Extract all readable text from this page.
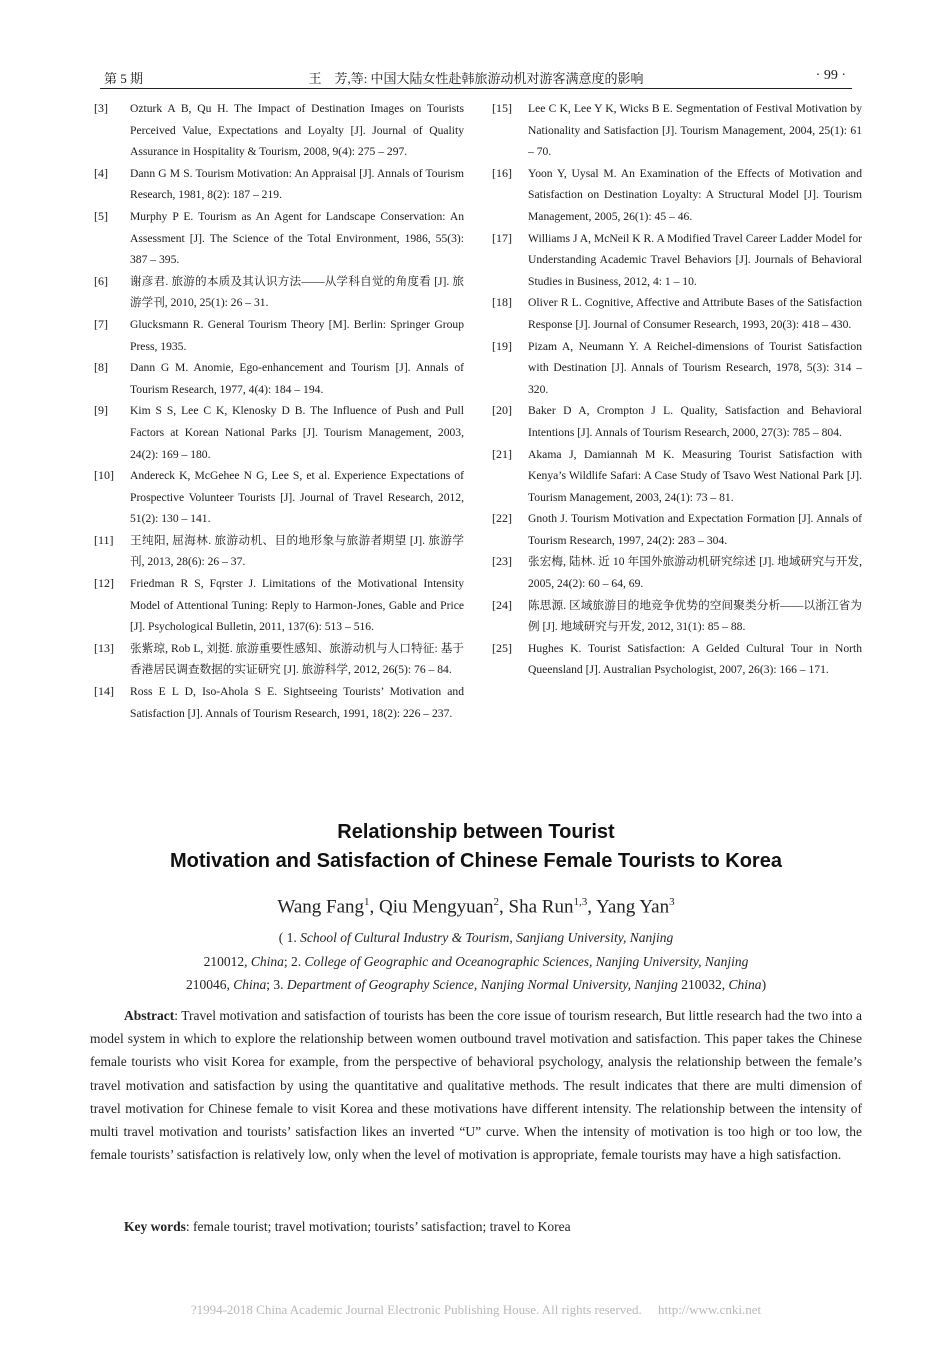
第 5 期	王　芳,等: 中国大陆女性赴韩旅游动机对游客满意度的影响	· 99 ·
[3] Ozturk A B, Qu H. The Impact of Destination Images on Tourists Perceived Value, Expectations and Loyalty [J]. Journal of Quality Assurance in Hospitality & Tourism, 2008, 9(4): 275 – 297.
[4] Dann G M S. Tourism Motivation: An Appraisal [J]. Annals of Tourism Research, 1981, 8(2): 187 – 219.
[5] Murphy P E. Tourism as An Agent for Landscape Conservation: An Assessment [J]. The Science of the Total Environment, 1986, 55(3): 387 – 395.
[6] 谢彦君. 旅游的本质及其认识方法——从学科自觉的角度看 [J]. 旅游学刊, 2010, 25(1): 26 – 31.
[7] Glucksmann R. General Tourism Theory [M]. Berlin: Springer Group Press, 1935.
[8] Dann G M. Anomie, Ego-enhancement and Tourism [J]. Annals of Tourism Research, 1977, 4(4): 184 – 194.
[9] Kim S S, Lee C K, Klenosky D B. The Influence of Push and Pull Factors at Korean National Parks [J]. Tourism Management, 2003, 24(2): 169 – 180.
[10] Andereck K, McGehee N G, Lee S, et al. Experience Expectations of Prospective Volunteer Tourists [J]. Journal of Travel Research, 2012, 51(2): 130 – 141.
[11] 王纯阳, 屈海林. 旅游动机、目的地形象与旅游者期望 [J]. 旅游学刊, 2013, 28(6): 26 – 37.
[12] Friedman R S, Fqrster J. Limitations of the Motivational Intensity Model of Attentional Tuning: Reply to Harmon-Jones, Gable and Price [J]. Psychological Bulletin, 2011, 137(6): 513 – 516.
[13] 张紫琼, Rob L, 刘挺. 旅游重要性感知、旅游动机与人口特征: 基于香港居民调查数据的实证研究 [J]. 旅游科学, 2012, 26(5): 76 – 84.
[14] Ross E L D, Iso-Ahola S E. Sightseeing Tourists’ Motivation and Satisfaction [J]. Annals of Tourism Research, 1991, 18(2): 226 – 237.
[15] Lee C K, Lee Y K, Wicks B E. Segmentation of Festival Motivation by Nationality and Satisfaction [J]. Tourism Management, 2004, 25(1): 61 – 70.
[16] Yoon Y, Uysal M. An Examination of the Effects of Motivation and Satisfaction on Destination Loyalty: A Structural Model [J]. Tourism Management, 2005, 26(1): 45 – 46.
[17] Williams J A, McNeil K R. A Modified Travel Career Ladder Model for Understanding Academic Travel Behaviors [J]. Journals of Behavioral Studies in Business, 2012, 4: 1 – 10.
[18] Oliver R L. Cognitive, Affective and Attribute Bases of the Satisfaction Response [J]. Journal of Consumer Research, 1993, 20(3): 418 – 430.
[19] Pizam A, Neumann Y. A Reichel-dimensions of Tourist Satisfaction with Destination [J]. Annals of Tourism Research, 1978, 5(3): 314 – 320.
[20] Baker D A, Crompton J L. Quality, Satisfaction and Behavioral Intentions [J]. Annals of Tourism Research, 2000, 27(3): 785 – 804.
[21] Akama J, Damiannah M K. Measuring Tourist Satisfaction with Kenya’s Wildlife Safari: A Case Study of Tsavo West National Park [J]. Tourism Management, 2003, 24(1): 73 – 81.
[22] Gnoth J. Tourism Motivation and Expectation Formation [J]. Annals of Tourism Research, 1997, 24(2): 283 – 304.
[23] 张宏梅, 陆林. 近 10 年国外旅游动机研究综述 [J]. 地域研究与开发, 2005, 24(2): 60 – 64, 69.
[24] 陈思源. 区域旅游目的地竞争优势的空间聚类分析——以浙江省为例 [J]. 地域研究与开发, 2012, 31(1): 85 – 88.
[25] Hughes K. Tourist Satisfaction: A Gelded Cultural Tour in North Queensland [J]. Australian Psychologist, 2007, 26(3): 166 – 171.
Relationship between Tourist
Motivation and Satisfaction of Chinese Female Tourists to Korea
Wang Fang$^1$, Qiu Mengyuan$^2$, Sha Run$^{1,3}$, Yang Yan$^3$
( 1. School of Cultural Industry & Tourism, Sanjiang University, Nanjing
210012, China; 2. College of Geographic and Oceanographic Sciences, Nanjing University, Nanjing
210046, China; 3. Department of Geography Science, Nanjing Normal University, Nanjing 210032, China)
Abstract: Travel motivation and satisfaction of tourists has been the core issue of tourism research, But little research had the two into a model system in which to explore the relationship between women outbound travel motivation and satisfaction. This paper takes the Chinese female tourists who visit Korea for example, from the perspective of behavioral psychology, analysis the relationship between the female’s travel motivation and satisfaction by using the quantitative and qualitative methods. The result indicates that there are multi dimension of travel motivation for Chinese female to visit Korea and these motivations have different intensity. The relationship between the intensity of multi travel motivation and tourists’ satisfaction likes an inverted “U” curve. When the intensity of motivation is too high or too low, the female tourists’ satisfaction is relatively low, only when the level of motivation is appropriate, female tourists may have a high satisfaction.
Key words: female tourist; travel motivation; tourists’ satisfaction; travel to Korea
?1994-2018 China Academic Journal Electronic Publishing House. All rights reserved.　 http://www.cnki.net
